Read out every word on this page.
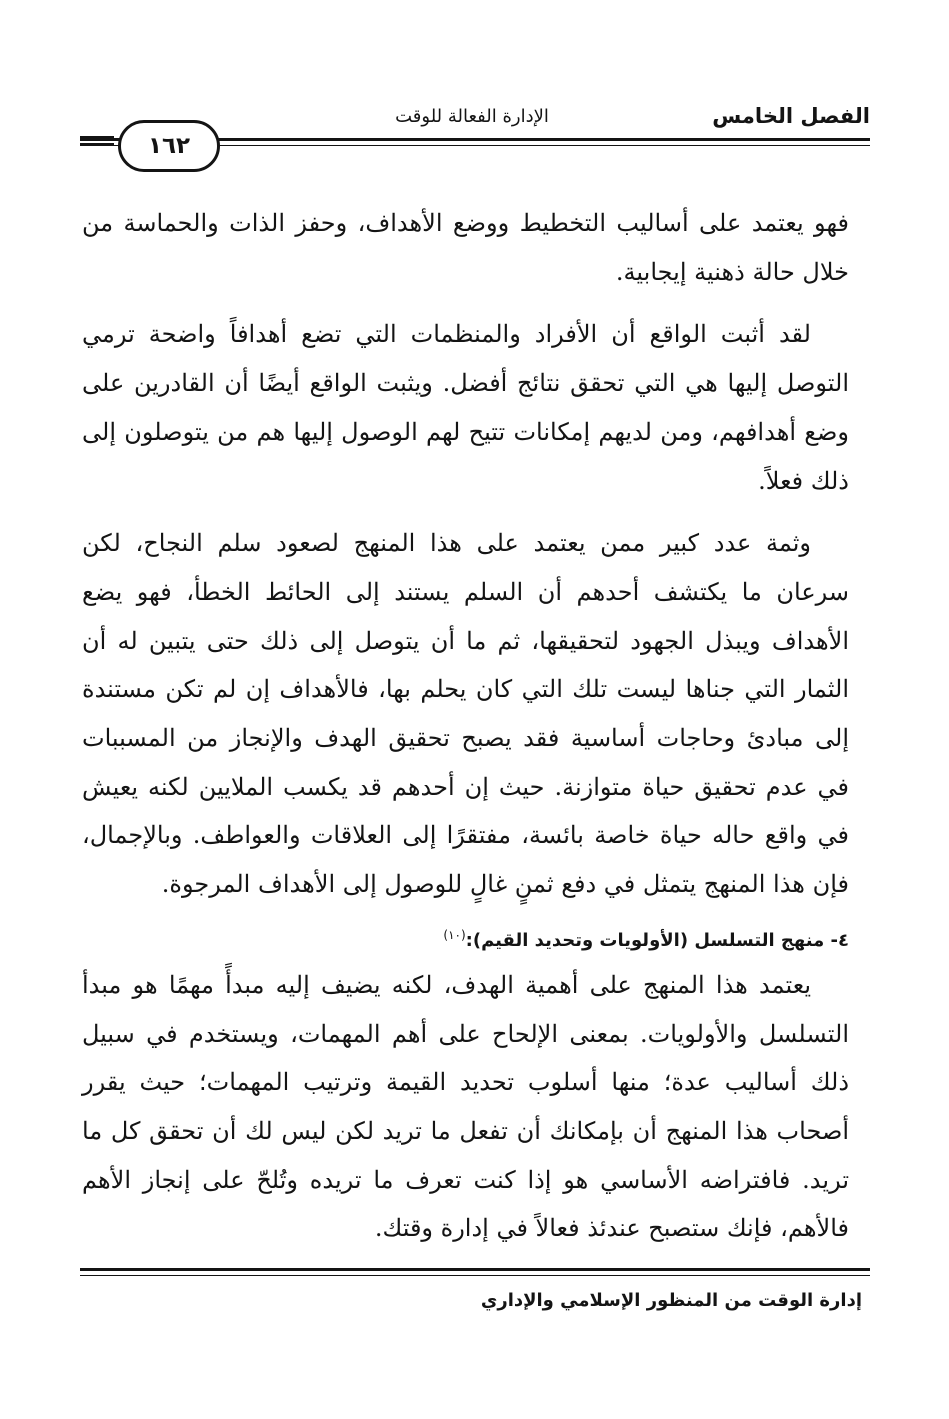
الفصل الخامس
الإدارة الفعالة للوقت
١٦٢

فهو يعتمد على أساليب التخطيط ووضع الأهداف، وحفز الذات والحماسة من خلال حالة ذهنية إيجابية.

لقد أثبت الواقع أن الأفراد والمنظمات التي تضع أهدافاً واضحة ترمي التوصل إليها هي التي تحقق نتائج أفضل. ويثبت الواقع أيضًا أن القادرين على وضع أهدافهم، ومن لديهم إمكانات تتيح لهم الوصول إليها هم من يتوصلون إلى ذلك فعلاً.

وثمة عدد كبير ممن يعتمد على هذا المنهج لصعود سلم النجاح، لكن سرعان ما يكتشف أحدهم أن السلم يستند إلى الحائط الخطأ، فهو يضع الأهداف ويبذل الجهود لتحقيقها، ثم ما أن يتوصل إلى ذلك حتى يتبين له أن الثمار التي جناها ليست تلك التي كان يحلم بها، فالأهداف إن لم تكن مستندة إلى مبادئ وحاجات أساسية فقد يصبح تحقيق الهدف والإنجاز من المسببات في عدم تحقيق حياة متوازنة. حيث إن أحدهم قد يكسب الملايين لكنه يعيش في واقع حاله حياة خاصة بائسة، مفتقرًا إلى العلاقات والعواطف. وبالإجمال، فإن هذا المنهج يتمثل في دفع ثمنٍ غالٍ للوصول إلى الأهداف المرجوة.

٤- منهج التسلسل (الأولويات وتحديد القيم):$^{(١٠)}$

يعتمد هذا المنهج على أهمية الهدف، لكنه يضيف إليه مبدأً مهمًا هو مبدأ التسلسل والأولويات. بمعنى الإلحاح على أهم المهمات، ويستخدم في سبيل ذلك أساليب عدة؛ منها أسلوب تحديد القيمة وترتيب المهمات؛ حيث يقرر أصحاب هذا المنهج أن بإمكانك أن تفعل ما تريد لكن ليس لك أن تحقق كل ما تريد. فافتراضه الأساسي هو إذا كنت تعرف ما تريده وتُلحّ على إنجاز الأهم فالأهم، فإنك ستصبح عندئذ فعالاً في إدارة وقتك.

إدارة الوقت من المنظور الإسلامي والإداري
